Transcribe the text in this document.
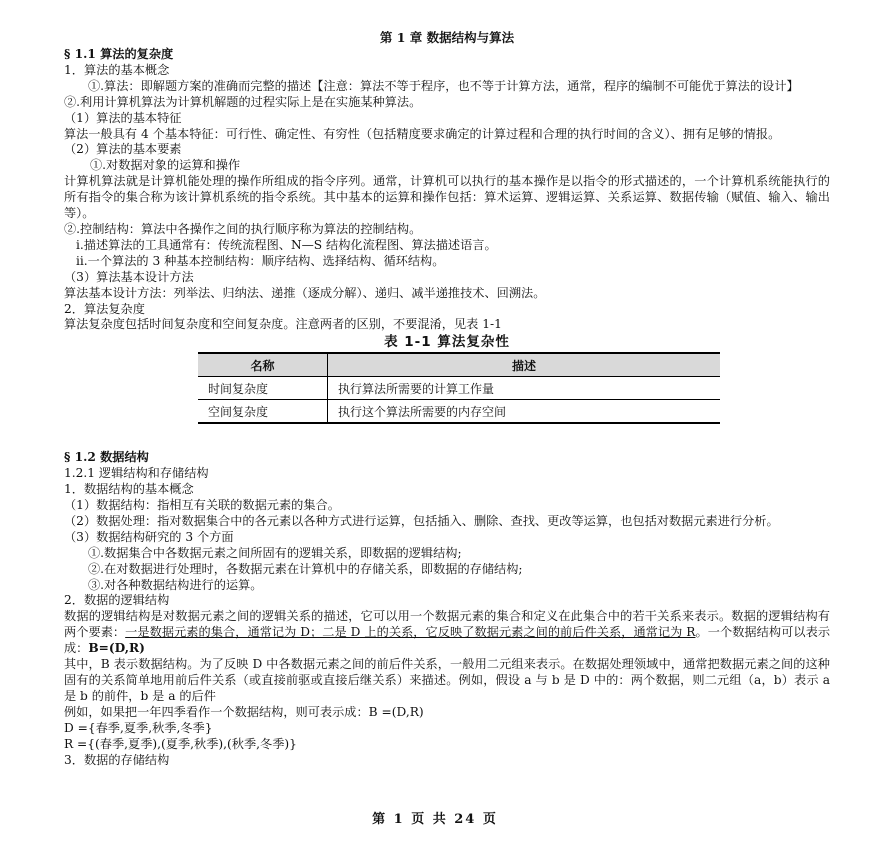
第 1 章 数据结构与算法
§ 1.1 算法的复杂度
1．算法的基本概念
①.算法：即解题方案的准确而完整的描述【注意：算法不等于程序，也不等于计算方法，通常，程序的编制不可能优于算法的设计】
②.利用计算机算法为计算机解题的过程实际上是在实施某种算法。
（1）算法的基本特征
算法一般具有 4 个基本特征：可行性、确定性、有穷性（包括精度要求确定的计算过程和合理的执行时间的含义）、拥有足够的情报。
（2）算法的基本要素
①.对数据对象的运算和操作
计算机算法就是计算机能处理的操作所组成的指令序列。通常，计算机可以执行的基本操作是以指令的形式描述的，一个计算机系统能执行的所有指令的集合称为该计算机系统的指令系统。其中基本的运算和操作包括：算术运算、逻辑运算、关系运算、数据传输（赋值、输入、输出等）。
②.控制结构：算法中各操作之间的执行顺序称为算法的控制结构。
ⅰ.描述算法的工具通常有：传统流程图、N—S 结构化流程图、算法描述语言。
ⅱ.一个算法的 3 种基本控制结构：顺序结构、选择结构、循环结构。
（3）算法基本设计方法
算法基本设计方法：列举法、归纳法、递推（逐成分解）、递归、减半递推技术、回溯法。
2．算法复杂度
算法复杂度包括时间复杂度和空间复杂度。注意两者的区别，不要混淆，见表 1-1
表 1-1 算法复杂性
名称	描述
时间复杂度	执行算法所需要的计算工作量
空间复杂度	执行这个算法所需要的内存空间
§ 1.2 数据结构
1.2.1 逻辑结构和存储结构
1．数据结构的基本概念
（1）数据结构：指相互有关联的数据元素的集合。
（2）数据处理：指对数据集合中的各元素以各种方式进行运算，包括插入、删除、查找、更改等运算，也包括对数据元素进行分析。
（3）数据结构研究的 3 个方面
①.数据集合中各数据元素之间所固有的逻辑关系，即数据的逻辑结构;
②.在对数据进行处理时，各数据元素在计算机中的存储关系，即数据的存储结构;
③.对各种数据结构进行的运算。
2．数据的逻辑结构
数据的逻辑结构是对数据元素之间的逻辑关系的描述，它可以用一个数据元素的集合和定义在此集合中的若干关系来表示。数据的逻辑结构有两个要素：一是数据元素的集合，通常记为 D；二是 D 上的关系，它反映了数据元素之间的前后件关系，通常记为 R。一个数据结构可以表示成：B=(D,R)
其中，B 表示数据结构。为了反映 D 中各数据元素之间的前后件关系，一般用二元组来表示。在数据处理领域中，通常把数据元素之间的这种固有的关系简单地用前后件关系（或直接前驱或直接后继关系）来描述。例如，假设 a 与 b 是 D 中的：两个数据，则二元组（a，b）表示 a 是 b 的前件，b 是 a 的后件
例如，如果把一年四季看作一个数据结构，则可表示成：B =(D,R)
D ={春季,夏季,秋季,冬季}
R ={(春季,夏季),(夏季,秋季),(秋季,冬季)}
3．数据的存储结构
第 1 页 共 24 页
